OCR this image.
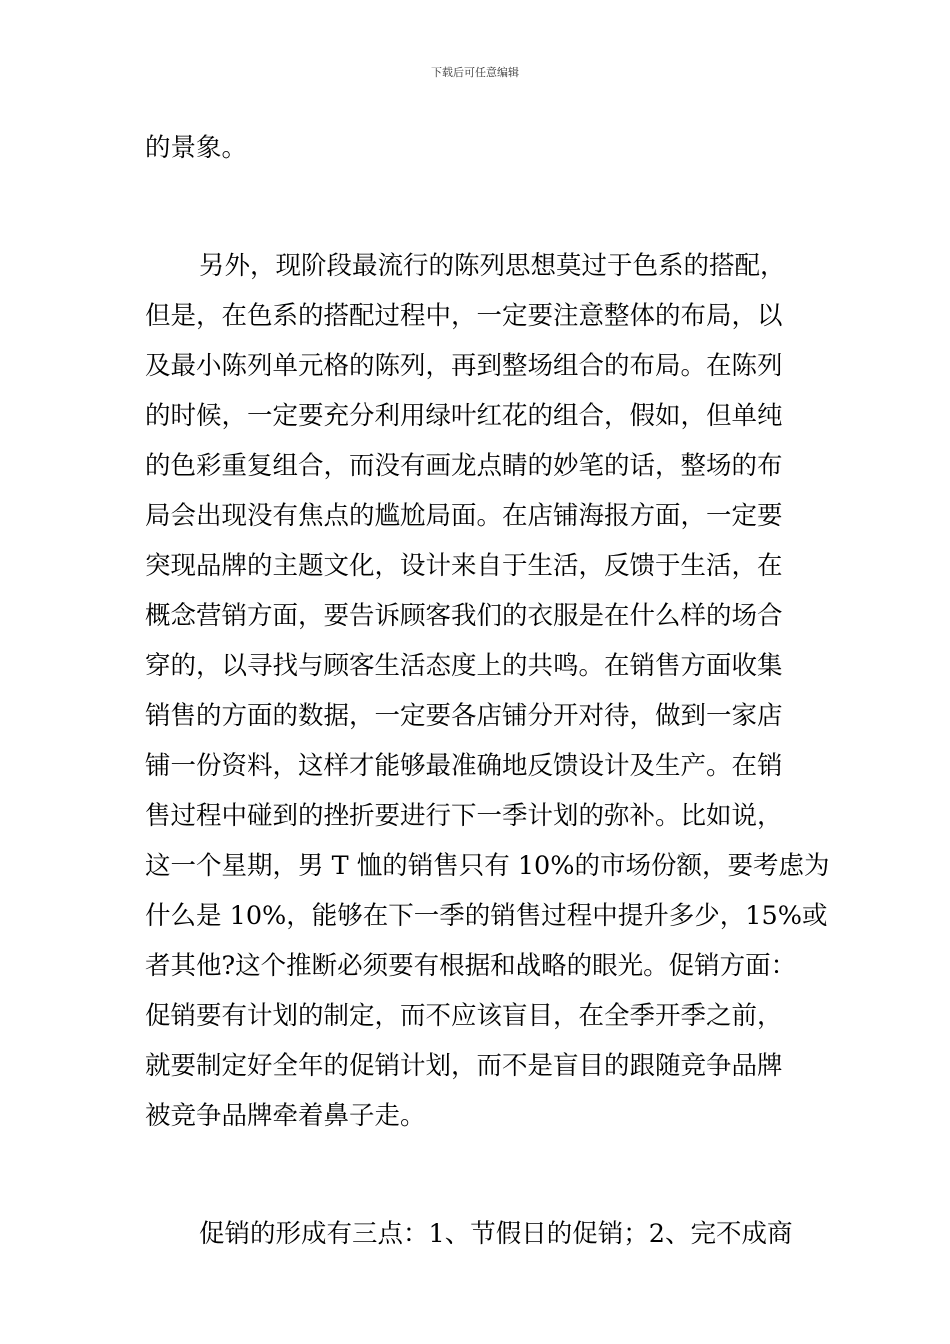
下载后可任意编辑
的景象。
另外，现阶段最流行的陈列思想莫过于色系的搭配，
但是，在色系的搭配过程中，一定要注意整体的布局，以
及最小陈列单元格的陈列，再到整场组合的布局。在陈列
的时候，一定要充分利用绿叶红花的组合，假如，但单纯
的色彩重复组合，而没有画龙点睛的妙笔的话，整场的布
局会出现没有焦点的尴尬局面。在店铺海报方面，一定要
突现品牌的主题文化，设计来自于生活，反馈于生活，在
概念营销方面，要告诉顾客我们的衣服是在什么样的场合
穿的，以寻找与顾客生活态度上的共鸣。在销售方面收集
销售的方面的数据，一定要各店铺分开对待，做到一家店
铺一份资料，这样才能够最准确地反馈设计及生产。在销
售过程中碰到的挫折要进行下一季计划的弥补。比如说，
这一个星期，男 T 恤的销售只有 10%的市场份额，要考虑为
什么是 10%，能够在下一季的销售过程中提升多少，15%或
者其他?这个推断必须要有根据和战略的眼光。促销方面：
促销要有计划的制定，而不应该盲目，在全季开季之前，
就要制定好全年的促销计划，而不是盲目的跟随竞争品牌
被竞争品牌牵着鼻子走。
促销的形成有三点：1、节假日的促销；2、完不成商
